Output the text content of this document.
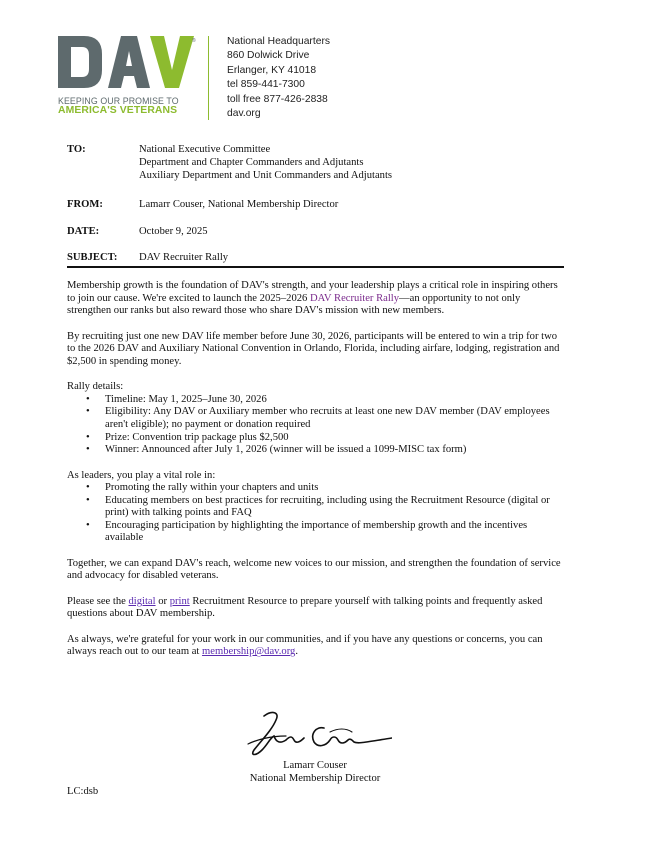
®
KEEPING OUR PROMISE TO
AMERICA'S VETERANS
National Headquarters
860 Dolwick Drive
Erlanger, KY 41018
tel 859-441-7300
toll free 877-426-2838
dav.org
TO:	National Executive Committee
Department and Chapter Commanders and Adjutants
Auxiliary Department and Unit Commanders and Adjutants
FROM:	Lamarr Couser, National Membership Director
DATE:	October 9, 2025
SUBJECT: DAV Recruiter Rally

Membership growth is the foundation of DAV's strength, and your leadership plays a critical role in inspiring others to join our cause. We're excited to launch the 2025–2026 DAV Recruiter Rally—an opportunity to not only strengthen our ranks but also reward those who share DAV's mission with new members.

By recruiting just one new DAV life member before June 30, 2026, participants will be entered to win a trip for two to the 2026 DAV and Auxiliary National Convention in Orlando, Florida, including airfare, lodging, registration and $2,500 in spending money.

Rally details:
• Timeline: May 1, 2025–June 30, 2026
• Eligibility: Any DAV or Auxiliary member who recruits at least one new DAV member (DAV employees aren't eligible); no payment or donation required
• Prize: Convention trip package plus $2,500
• Winner: Announced after July 1, 2026 (winner will be issued a 1099-MISC tax form)
As leaders, you play a vital role in:
• Promoting the rally within your chapters and units
• Educating members on best practices for recruiting, including using the Recruitment Resource (digital or print) with talking points and FAQ
• Encouraging participation by highlighting the importance of membership growth and the incentives available

Together, we can expand DAV's reach, welcome new voices to our mission, and strengthen the foundation of service and advocacy for disabled veterans.

Please see the digital or print Recruitment Resource to prepare yourself with talking points and frequently asked questions about DAV membership.

As always, we're grateful for your work in our communities, and if you have any questions or concerns, you can always reach out to our team at membership@dav.org.

Lamarr Couser
National Membership Director
LC:dsb
